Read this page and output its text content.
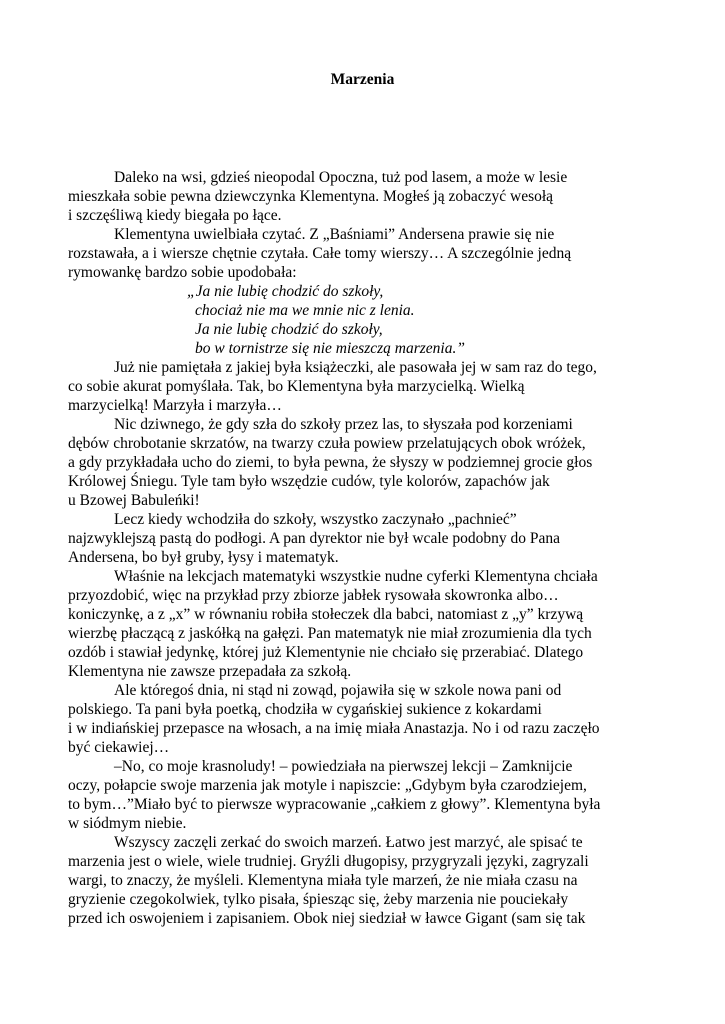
Marzenia
Daleko na wsi, gdzieś nieopodal Opoczna, tuż pod lasem, a może w lesie
mieszkała sobie pewna dziewczynka Klementyna. Mogłeś ją zobaczyć wesołą
i szczęśliwą kiedy biegała po łące.
Klementyna uwielbiała czytać. Z „Baśniami” Andersena prawie się nie
rozstawała, a i wiersze chętnie czytała. Całe tomy wierszy… A szczególnie jedną
rymowankę bardzo sobie upodobała:
„Ja nie lubię chodzić do szkoły,
chociaż nie ma we mnie nic z lenia.
Ja nie lubię chodzić do szkoły,
bo w tornistrze się nie mieszczą marzenia.”
Już nie pamiętała z jakiej była książeczki, ale pasowała jej w sam raz do tego,
co sobie akurat pomyślała. Tak, bo Klementyna była marzycielką. Wielką
marzycielką! Marzyła i marzyła…
Nic dziwnego, że gdy szła do szkoły przez las, to słyszała pod korzeniami
dębów chrobotanie skrzatów, na twarzy czuła powiew przelatujących obok wróżek,
a gdy przykładała ucho do ziemi, to była pewna, że słyszy w podziemnej grocie głos
Królowej Śniegu. Tyle tam było wszędzie cudów, tyle kolorów, zapachów jak
u Bzowej Babuleńki!
Lecz kiedy wchodziła do szkoły, wszystko zaczynało „pachnieć”
najzwyklejszą pastą do podłogi. A pan dyrektor nie był wcale podobny do Pana
Andersena, bo był gruby, łysy i matematyk.
Właśnie na lekcjach matematyki wszystkie nudne cyferki Klementyna chciała
przyozdobić, więc na przykład przy zbiorze jabłek rysowała skowronka albo…
koniczynkę, a z „x” w równaniu robiła stołeczek dla babci, natomiast z „y” krzywą
wierzbę płaczącą z jaskółką na gałęzi. Pan matematyk nie miał zrozumienia dla tych
ozdób i stawiał jedynkę, której już Klementynie nie chciało się przerabiać. Dlatego
Klementyna nie zawsze przepadała za szkołą.
Ale któregoś dnia, ni stąd ni zowąd, pojawiła się w szkole nowa pani od
polskiego. Ta pani była poetką, chodziła w cygańskiej sukience z kokardami
i w indiańskiej przepasce na włosach, a na imię miała Anastazja. No i od razu zaczęło
być ciekawiej…
–No, co moje krasnoludy! – powiedziała na pierwszej lekcji – Zamknijcie
oczy, połapcie swoje marzenia jak motyle i napiszcie: „Gdybym była czarodziejem,
to bym…”Miało być to pierwsze wypracowanie „całkiem z głowy”. Klementyna była
w siódmym niebie.
Wszyscy zaczęli zerkać do swoich marzeń. Łatwo jest marzyć, ale spisać te
marzenia jest o wiele, wiele trudniej. Gryźli długopisy, przygryzali języki, zagryzali
wargi, to znaczy, że myśleli. Klementyna miała tyle marzeń, że nie miała czasu na
gryzienie czegokolwiek, tylko pisała, śpiesząc się, żeby marzenia nie pouciekały
przed ich oswojeniem i zapisaniem. Obok niej siedział w ławce Gigant (sam się tak
